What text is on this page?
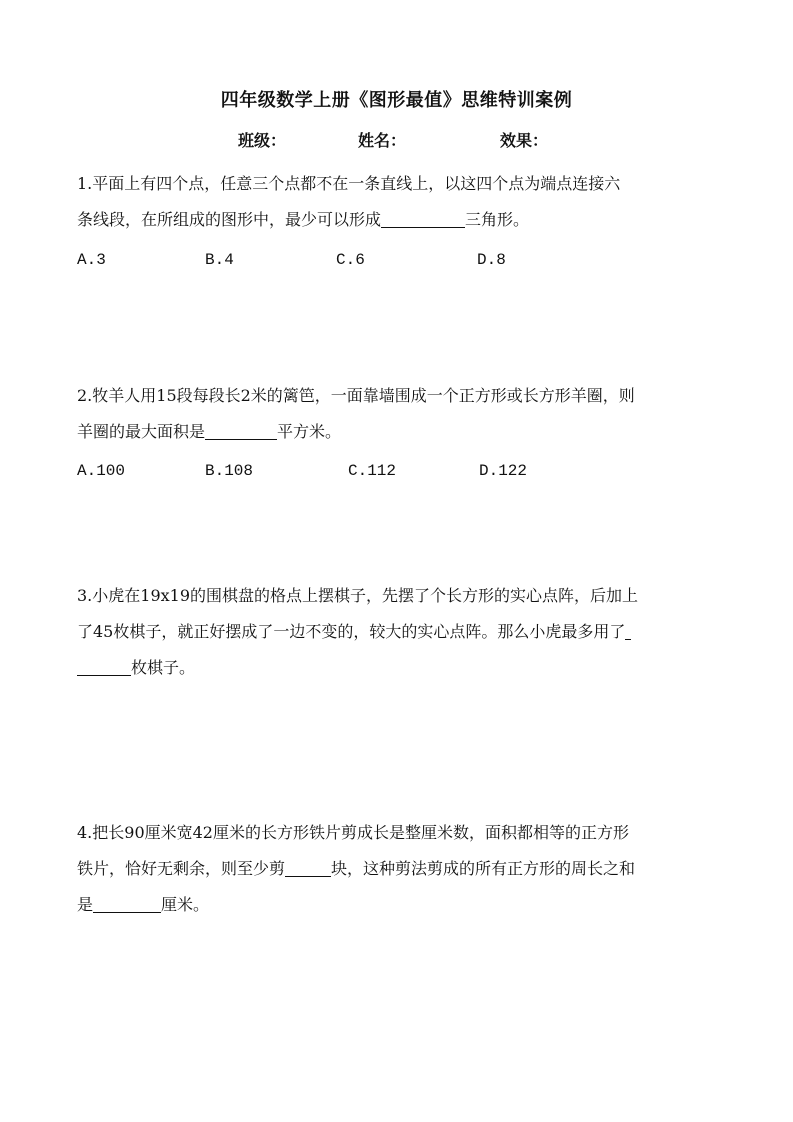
四年级数学上册《图形最值》思维特训案例
班级：	姓名：	效果：
1.平面上有四个点，任意三个点都不在一条直线上，以这四个点为端点连接六
条线段，在所组成的图形中，最少可以形成	三角形。
A.3	B.4	C.6	D.8
2.牧羊人用15段每段长2米的篱笆，一面靠墙围成一个正方形或长方形羊圈，则
羊圈的最大面积是	平方米。
A.100	B.108	C.112	D.122
3.小虎在19x19的围棋盘的格点上摆棋子，先摆了个长方形的实心点阵，后加上
了45枚棋子，就正好摆成了一边不变的，较大的实心点阵。那么小虎最多用了
枚棋子。
4.把长90厘米宽42厘米的长方形铁片剪成长是整厘米数，面积都相等的正方形
铁片，恰好无剩余，则至少剪	块，这种剪法剪成的所有正方形的周长之和
是	厘米。
